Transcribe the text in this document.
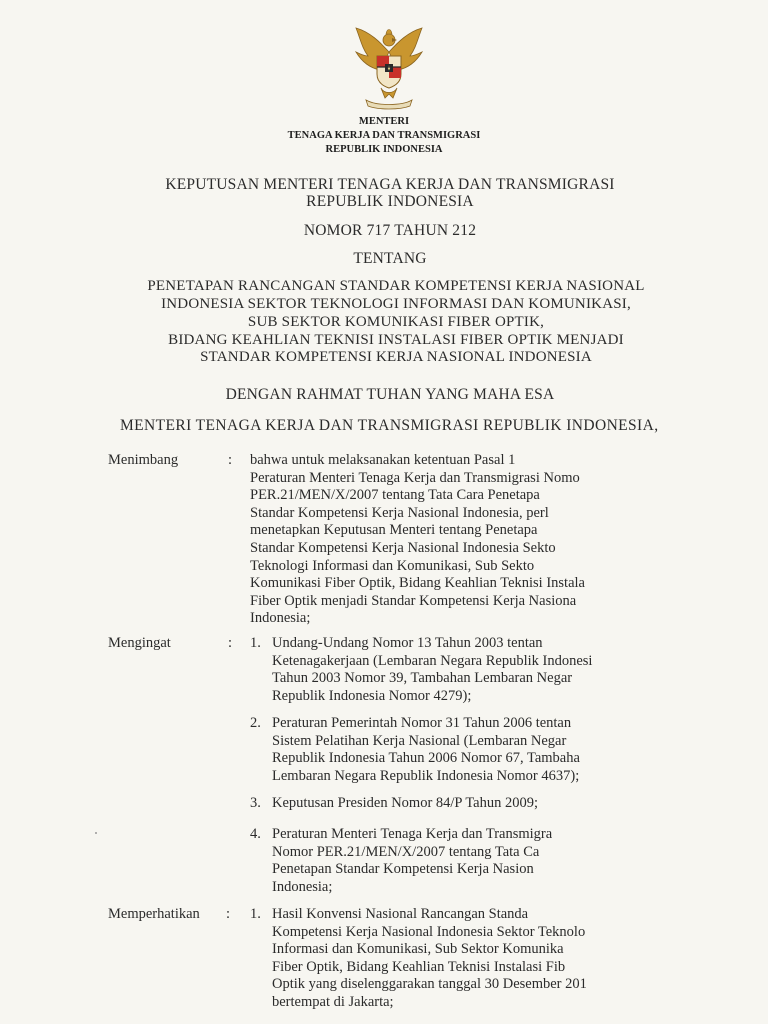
MENTERI
TENAGA KERJA DAN TRANSMIGRASI
REPUBLIK INDONESIA
KEPUTUSAN MENTERI TENAGA KERJA DAN TRANSMIGRASI
REPUBLIK INDONESIA
NOMOR 717 TAHUN 212
TENTANG
PENETAPAN RANCANGAN STANDAR KOMPETENSI KERJA NASIONAL
INDONESIA SEKTOR TEKNOLOGI INFORMASI DAN KOMUNIKASI,
SUB SEKTOR KOMUNIKASI FIBER OPTIK,
BIDANG KEAHLIAN TEKNISI INSTALASI FIBER OPTIK MENJADI
STANDAR KOMPETENSI KERJA NASIONAL INDONESIA
DENGAN RAHMAT TUHAN YANG MAHA ESA
MENTERI TENAGA KERJA DAN TRANSMIGRASI REPUBLIK INDONESIA,
Menimbang	: bahwa untuk melaksanakan ketentuan Pasal 1
Peraturan Menteri Tenaga Kerja dan Transmigrasi Nomo
PER.21/MEN/X/2007 tentang Tata Cara Penetapa
Standar Kompetensi Kerja Nasional Indonesia, perl
menetapkan Keputusan Menteri tentang Penetapa
Standar Kompetensi Kerja Nasional Indonesia Sekto
Teknologi Informasi dan Komunikasi, Sub Sekto
Komunikasi Fiber Optik, Bidang Keahlian Teknisi Instala
Fiber Optik menjadi Standar Kompetensi Kerja Nasiona
Indonesia;
Mengingat	: 1. Undang-Undang Nomor 13 Tahun 2003 tentan
Ketenagakerjaan (Lembaran Negara Republik Indonesi
Tahun 2003 Nomor 39, Tambahan Lembaran Negar
Republik Indonesia Nomor 4279);
2. Peraturan Pemerintah Nomor 31 Tahun 2006 tentan
Sistem Pelatihan Kerja Nasional (Lembaran Negar
Republik Indonesia Tahun 2006 Nomor 67, Tambaha
Lembaran Negara Republik Indonesia Nomor 4637);
3. Keputusan Presiden Nomor 84/P Tahun 2009;
4. Peraturan Menteri Tenaga Kerja dan Transmigra
Nomor PER.21/MEN/X/2007 tentang Tata Ca
Penetapan Standar Kompetensi Kerja Nasion
Indonesia;
Memperhatikan : 1. Hasil Konvensi Nasional Rancangan Standa
Kompetensi Kerja Nasional Indonesia Sektor Teknolo
Informasi dan Komunikasi, Sub Sektor Komunika
Fiber Optik, Bidang Keahlian Teknisi Instalasi Fib
Optik yang diselenggarakan tanggal 30 Desember 201
bertempat di Jakarta;
